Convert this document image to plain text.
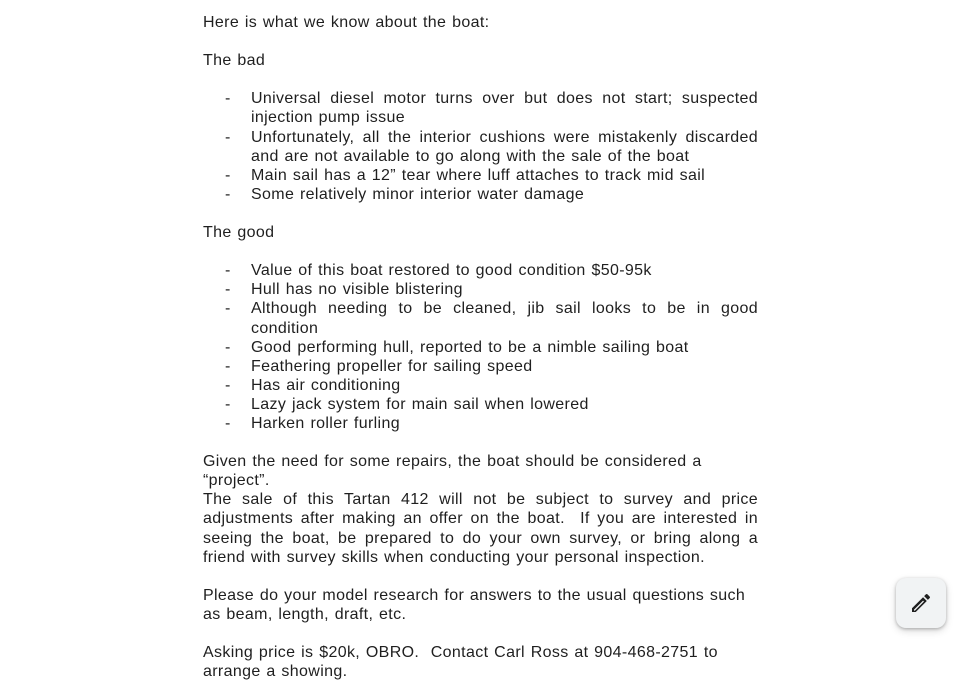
Here is what we know about the boat:

The bad

- Universal diesel motor turns over but does not start; suspected injection pump issue
- Unfortunately, all the interior cushions were mistakenly discarded and are not available to go along with the sale of the boat
- Main sail has a 12” tear where luff attaches to track mid sail
- Some relatively minor interior water damage

The good

- Value of this boat restored to good condition $50-95k
- Hull has no visible blistering
- Although needing to be cleaned, jib sail looks to be in good condition
- Good performing hull, reported to be a nimble sailing boat
- Feathering propeller for sailing speed
- Has air conditioning
- Lazy jack system for main sail when lowered
- Harken roller furling

Given the need for some repairs, the boat should be considered a “project”.

The sale of this Tartan 412 will not be subject to survey and price adjustments after making an offer on the boat.  If you are interested in seeing the boat, be prepared to do your own survey, or bring along a friend with survey skills when conducting your personal inspection.

Please do your model research for answers to the usual questions such as beam, length, draft, etc.

Asking price is $20k, OBRO.  Contact Carl Ross at 904-468-2751 to arrange a showing.
